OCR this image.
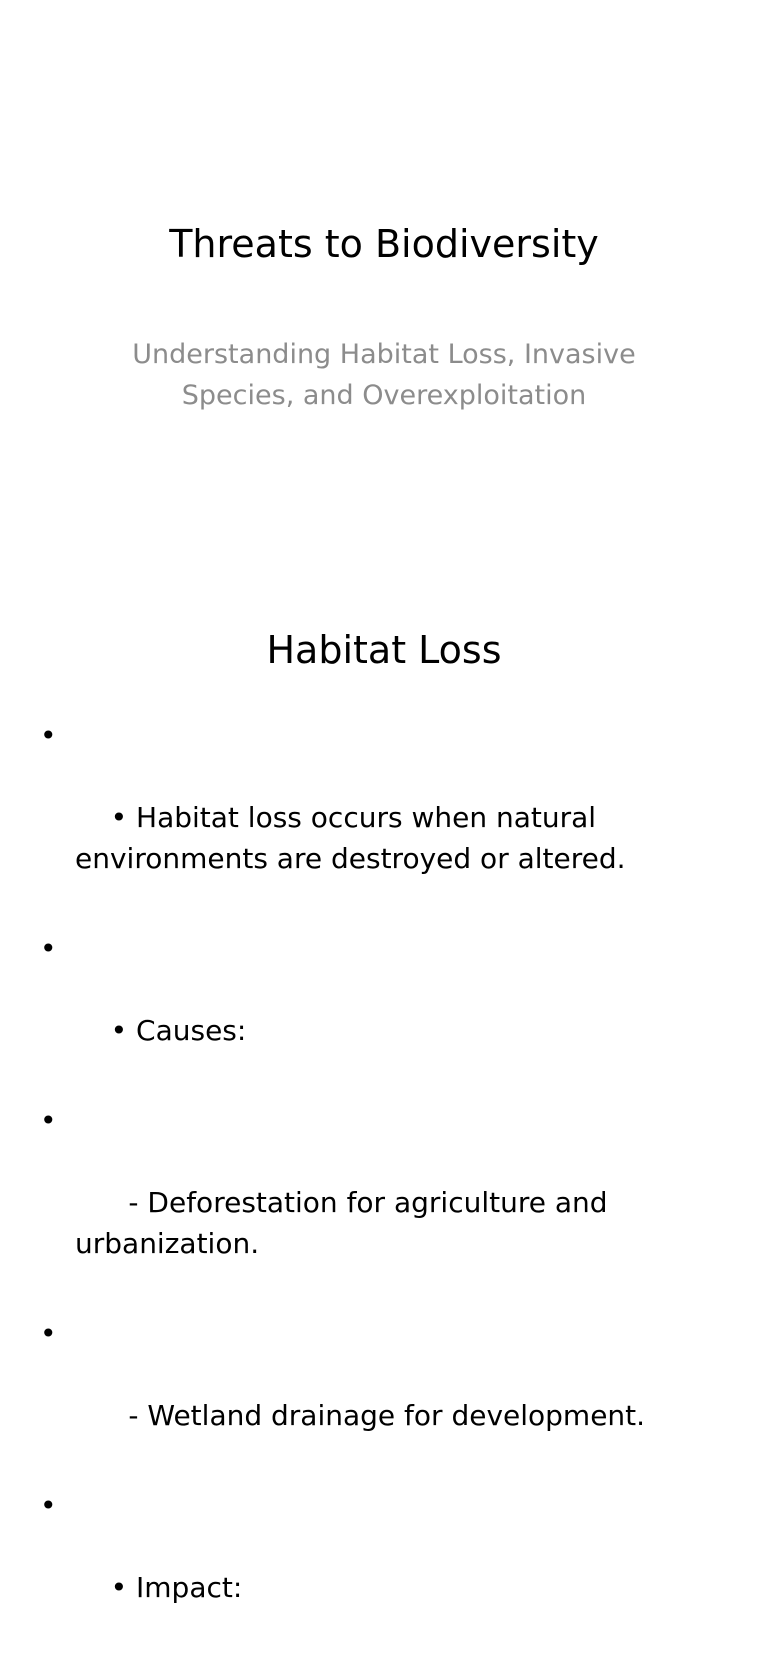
Threats to Biodiversity

Understanding Habitat Loss, Invasive Species, and Overexploitation

Habitat Loss

•

• Habitat loss occurs when natural environments are destroyed or altered.

•

• Causes:

•

- Deforestation for agriculture and urbanization.

•

- Wetland drainage for development.

•

• Impact:
